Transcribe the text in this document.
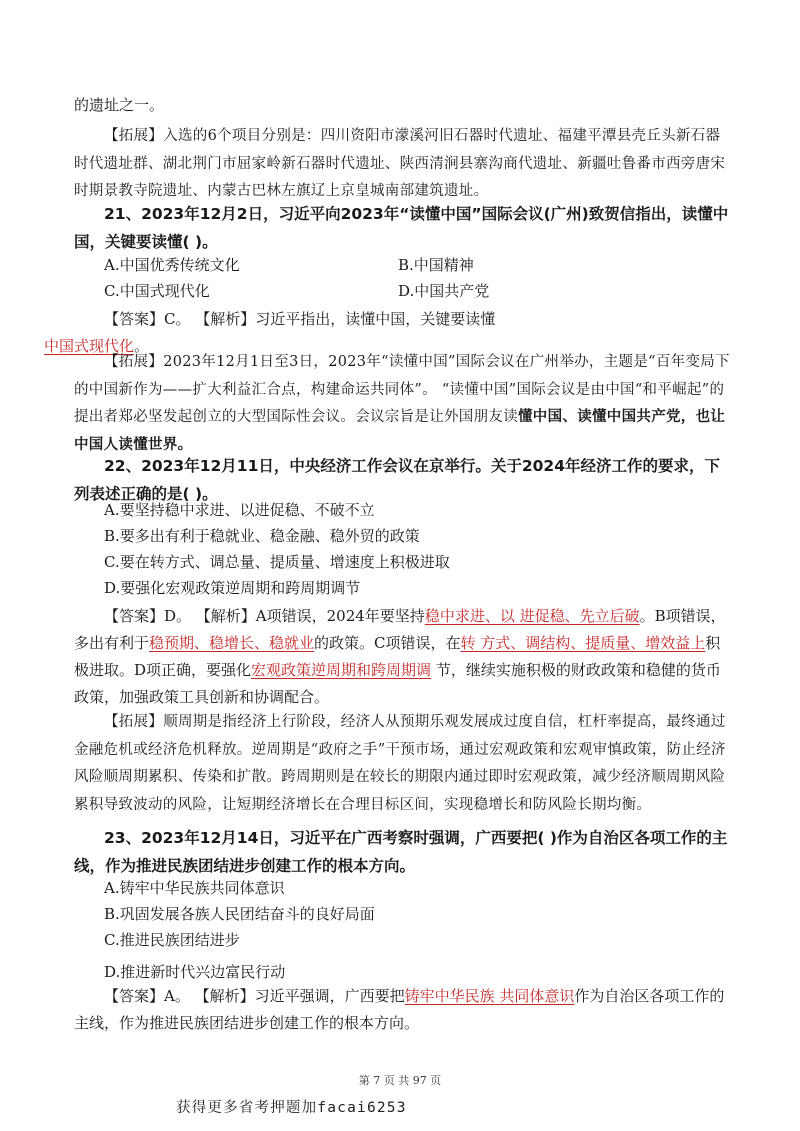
的遗址之一。

【拓展】入选的6个项目分别是：四川资阳市濛溪河旧石器时代遗址、福建平潭县壳丘头新石器时代遗址群、湖北荆门市屈家岭新石器时代遗址、陕西清涧县寨沟商代遗址、新疆吐鲁番市西旁唐宋时期景教寺院遗址、内蒙古巴林左旗辽上京皇城南部建筑遗址。

21、2023年12月2日，习近平向2023年“读懂中国”国际会议(广州)致贺信指出，读懂中国，关键要读懂( )。

A.中国优秀传统文化	B.中国精神
C.中国式现代化	D.中国共产党

【答案】C。 【解析】习近平指出，读懂中国，关键要读懂
中国式现代化。

【拓展】2023年12月1日至3日，2023年“读懂中国”国际会议在广州举办，主题是“百年变局下的中国新作为——扩大利益汇合点，构建命运共同体”。 “读懂中国”国际会议是由中国“和平崛起”的提出者郑必坚发起创立的大型国际性会议。会议宗旨是让外国朋友读懂中国、读懂中国共产党，也让中国人读懂世界。

22、2023年12月11日，中央经济工作会议在京举行。关于2024年经济工作的要求，下列表述正确的是( )。

A.要坚持稳中求进、以进促稳、不破不立
B.要多出有利于稳就业、稳金融、稳外贸的政策
C.要在转方式、调总量、提质量、增速度上积极进取
D.要强化宏观政策逆周期和跨周期调节

【答案】D。 【解析】A项错误，2024年要坚持稳中求进、以 进促稳、先立后破。B项错误，多出有利于稳预期、稳增长、稳就业的政策。C项错误，在转 方式、调结构、提质量、增效益上积极进取。D项正确，要强化宏观政策逆周期和跨周期调 节，继续实施积极的财政政策和稳健的货币政策，加强政策工具创新和协调配合。

【拓展】顺周期是指经济上行阶段，经济人从预期乐观发展成过度自信，杠杆率提高，最终通过金融危机或经济危机释放。逆周期是“政府之手”干预市场，通过宏观政策和宏观审慎政策，防止经济风险顺周期累积、传染和扩散。跨周期则是在较长的期限内通过即时宏观政策，减少经济顺周期风险累积导致波动的风险，让短期经济增长在合理目标区间，实现稳增长和防风险长期均衡。

23、2023年12月14日，习近平在广西考察时强调，广西要把( )作为自治区各项工作的主线，作为推进民族团结进步创建工作的根本方向。

A.铸牢中华民族共同体意识
B.巩固发展各族人民团结奋斗的良好局面
C.推进民族团结进步
D.推进新时代兴边富民行动

【答案】A。 【解析】习近平强调，广西要把铸牢中华民族 共同体意识作为自治区各项工作的主线，作为推进民族团结进步创建工作的根本方向。

第 7 页 共 97 页
获得更多省考押题加facai6253
